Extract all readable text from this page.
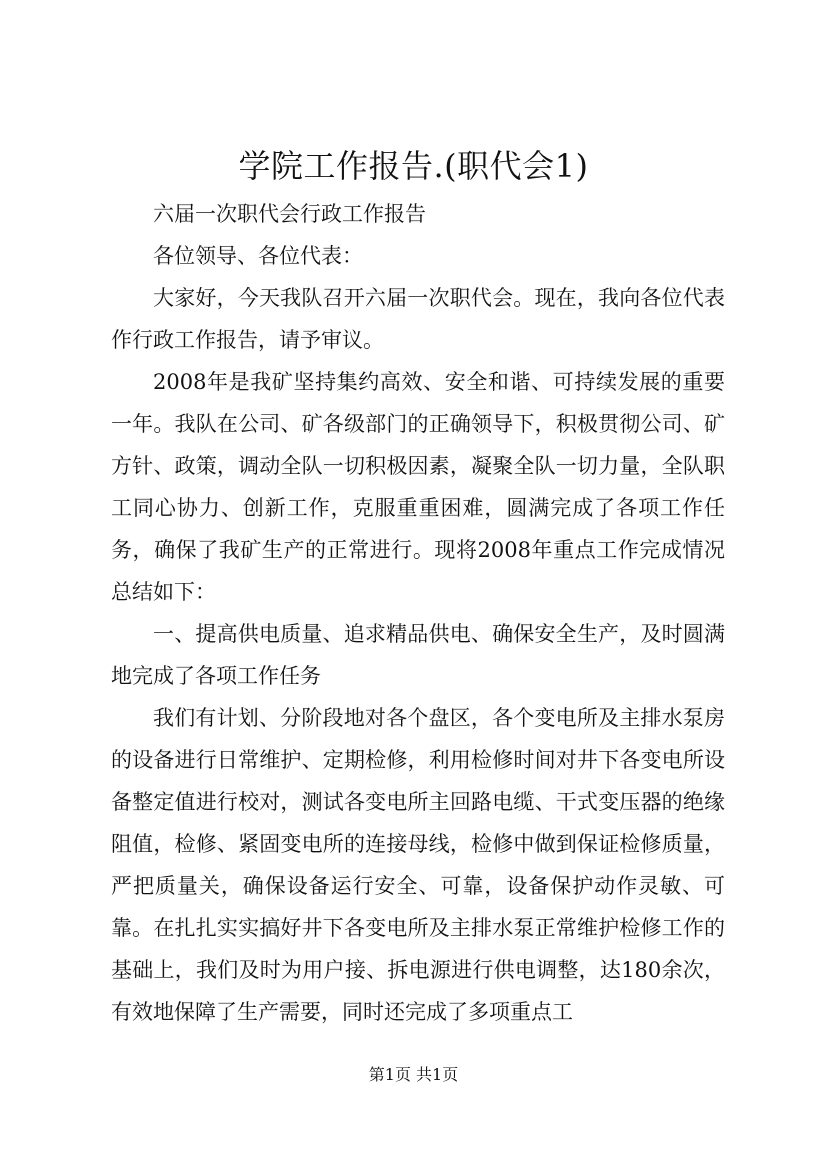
学院工作报告.(职代会1)

六届一次职代会行政工作报告

各位领导、各位代表：

大家好，今天我队召开六届一次职代会。现在，我向各位代表作行政工作报告，请予审议。

2008年是我矿坚持集约高效、安全和谐、可持续发展的重要一年。我队在公司、矿各级部门的正确领导下，积极贯彻公司、矿方针、政策，调动全队一切积极因素，凝聚全队一切力量，全队职工同心协力、创新工作，克服重重困难，圆满完成了各项工作任务，确保了我矿生产的正常进行。现将2008年重点工作完成情况总结如下：

一、提高供电质量、追求精品供电、确保安全生产，及时圆满地完成了各项工作任务

我们有计划、分阶段地对各个盘区，各个变电所及主排水泵房的设备进行日常维护、定期检修，利用检修时间对井下各变电所设备整定值进行校对，测试各变电所主回路电缆、干式变压器的绝缘阻值，检修、紧固变电所的连接母线，检修中做到保证检修质量，严把质量关，确保设备运行安全、可靠，设备保护动作灵敏、可靠。在扎扎实实搞好井下各变电所及主排水泵正常维护检修工作的基础上，我们及时为用户接、拆电源进行供电调整，达180余次，有效地保障了生产需要，同时还完成了多项重点工

第1页 共1页
